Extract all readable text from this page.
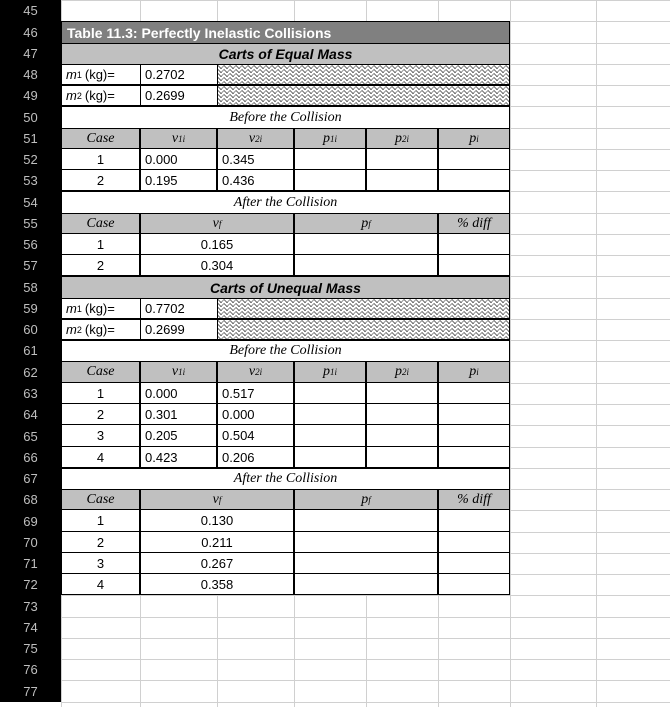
45
46
47
48
49
50
51
52
53
54
55
56
57
58
59
60
61
62
63
64
65
66
67
68
69
70
71
72
73
74
75
76
77
Table 11.3: Perfectly Inelastic Collisions
Carts of Equal Mass
m 1 (kg)=	0.2702
m 2 (kg)=	0.2699
Before the Collision
Case	v 1i	v 2i	p 1i	p 2i	p i
1	0.000	0.345
2	0.195	0.436
After the Collision
Case	v f	p f	% diff
1	0.165
2	0.304
Carts of Unequal Mass
m 1 (kg)=	0.7702
m 2 (kg)=	0.2699
Before the Collision
Case	v 1i	v 2i	p 1i	p 2i	p i
1	0.000	0.517
2	0.301	0.000
3	0.205	0.504
4	0.423	0.206
After the Collision
Case	v f	p f	% diff
1	0.130
2	0.211
3	0.267
4	0.358
